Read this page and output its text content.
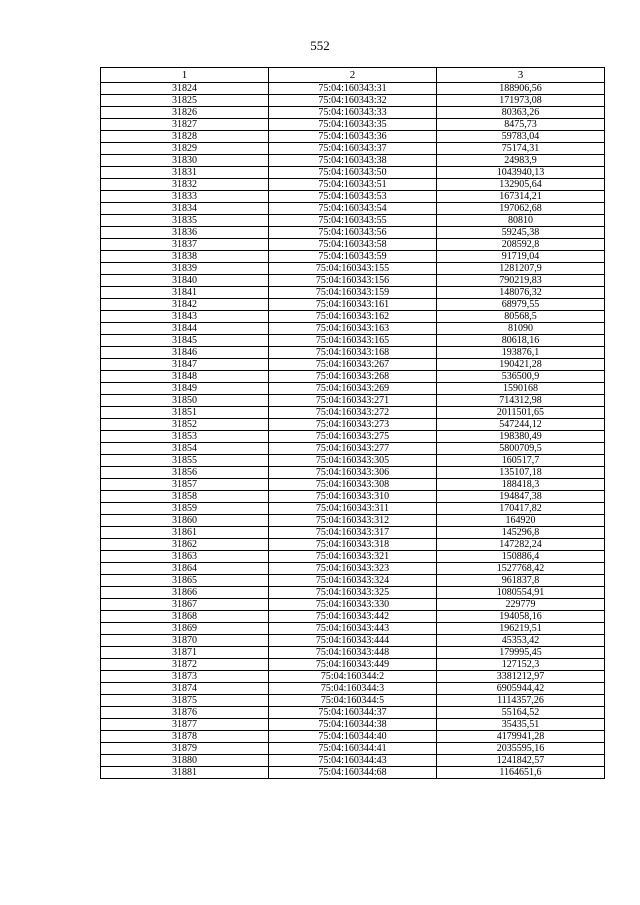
552
1	2	3
31824	75:04:160343:31	188906,56
31825	75:04:160343:32	171973,08
31826	75:04:160343:33	80363,26
31827	75:04:160343:35	8475,73
31828	75:04:160343:36	59783,04
31829	75:04:160343:37	75174,31
31830	75:04:160343:38	24983,9
31831	75:04:160343:50	1043940,13
31832	75:04:160343:51	132905,64
31833	75:04:160343:53	167314,21
31834	75:04:160343:54	197062,68
31835	75:04:160343:55	80810
31836	75:04:160343:56	59245,38
31837	75:04:160343:58	208592,8
31838	75:04:160343:59	91719,04
31839	75:04:160343:155	1281207,9
31840	75:04:160343:156	790219,83
31841	75:04:160343:159	148076,32
31842	75:04:160343:161	68979,55
31843	75:04:160343:162	80568,5
31844	75:04:160343:163	81090
31845	75:04:160343:165	80618,16
31846	75:04:160343:168	193876,1
31847	75:04:160343:267	190421,28
31848	75:04:160343:268	536500,9
31849	75:04:160343:269	1590168
31850	75:04:160343:271	714312,98
31851	75:04:160343:272	2011501,65
31852	75:04:160343:273	547244,12
31853	75:04:160343:275	198380,49
31854	75:04:160343:277	5800709,5
31855	75:04:160343:305	160517,7
31856	75:04:160343:306	135107,18
31857	75:04:160343:308	188418,3
31858	75:04:160343:310	194847,38
31859	75:04:160343:311	170417,82
31860	75:04:160343:312	164920
31861	75:04:160343:317	145296,8
31862	75:04:160343:318	147282,24
31863	75:04:160343:321	150886,4
31864	75:04:160343:323	1527768,42
31865	75:04:160343:324	961837,8
31866	75:04:160343:325	1080554,91
31867	75:04:160343:330	229779
31868	75:04:160343:442	194058,16
31869	75:04:160343:443	196219,51
31870	75:04:160343:444	45353,42
31871	75:04:160343:448	179995,45
31872	75:04:160343:449	127152,3
31873	75:04:160344:2	3381212,97
31874	75:04:160344:3	6905944,42
31875	75:04:160344:5	1114357,26
31876	75:04:160344:37	55164,52
31877	75:04:160344:38	35435,51
31878	75:04:160344:40	4179941,28
31879	75:04:160344:41	2035595,16
31880	75:04:160344:43	1241842,57
31881	75:04:160344:68	1164651,6
